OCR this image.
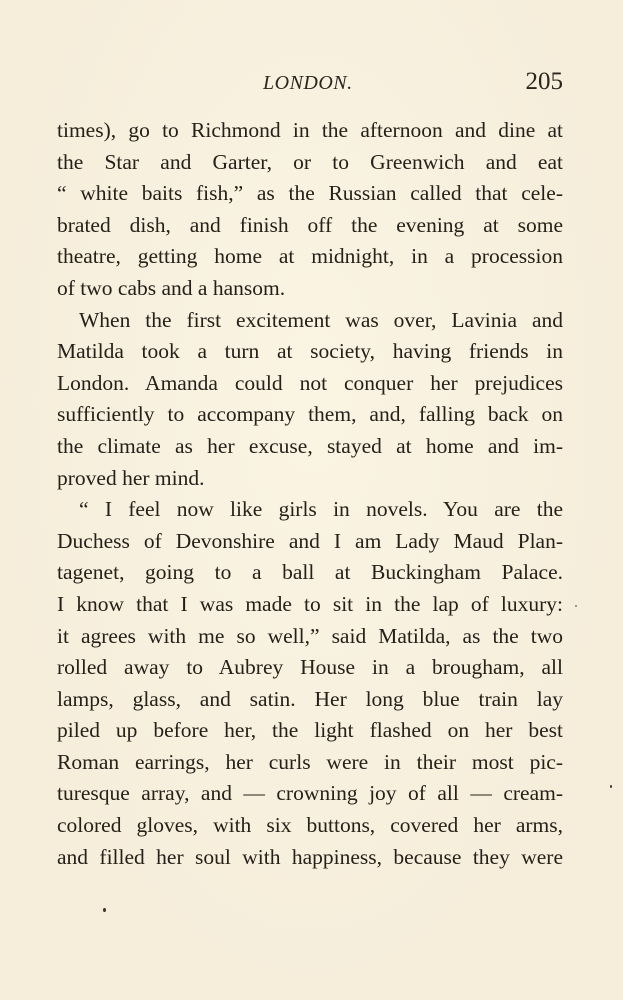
LONDON.	205
times), go to Richmond in the afternoon and dine at
the Star and Garter, or to Greenwich and eat
“ white baits fish,” as the Russian called that cele-
brated dish, and finish off the evening at some
theatre, getting home at midnight, in a procession
of two cabs and a hansom.
When the first excitement was over, Lavinia and
Matilda took a turn at society, having friends in
London. Amanda could not conquer her prejudices
sufficiently to accompany them, and, falling back on
the climate as her excuse, stayed at home and im-
proved her mind.
“ I feel now like girls in novels. You are the
Duchess of Devonshire and I am Lady Maud Plan-
tagenet, going to a ball at Buckingham Palace.
I know that I was made to sit in the lap of luxury:
it agrees with me so well,” said Matilda, as the two
rolled away to Aubrey House in a brougham, all
lamps, glass, and satin. Her long blue train lay
piled up before her, the light flashed on her best
Roman earrings, her curls were in their most pic-
turesque array, and — crowning joy of all — cream-
colored gloves, with six buttons, covered her arms,
and filled her soul with happiness, because they were
